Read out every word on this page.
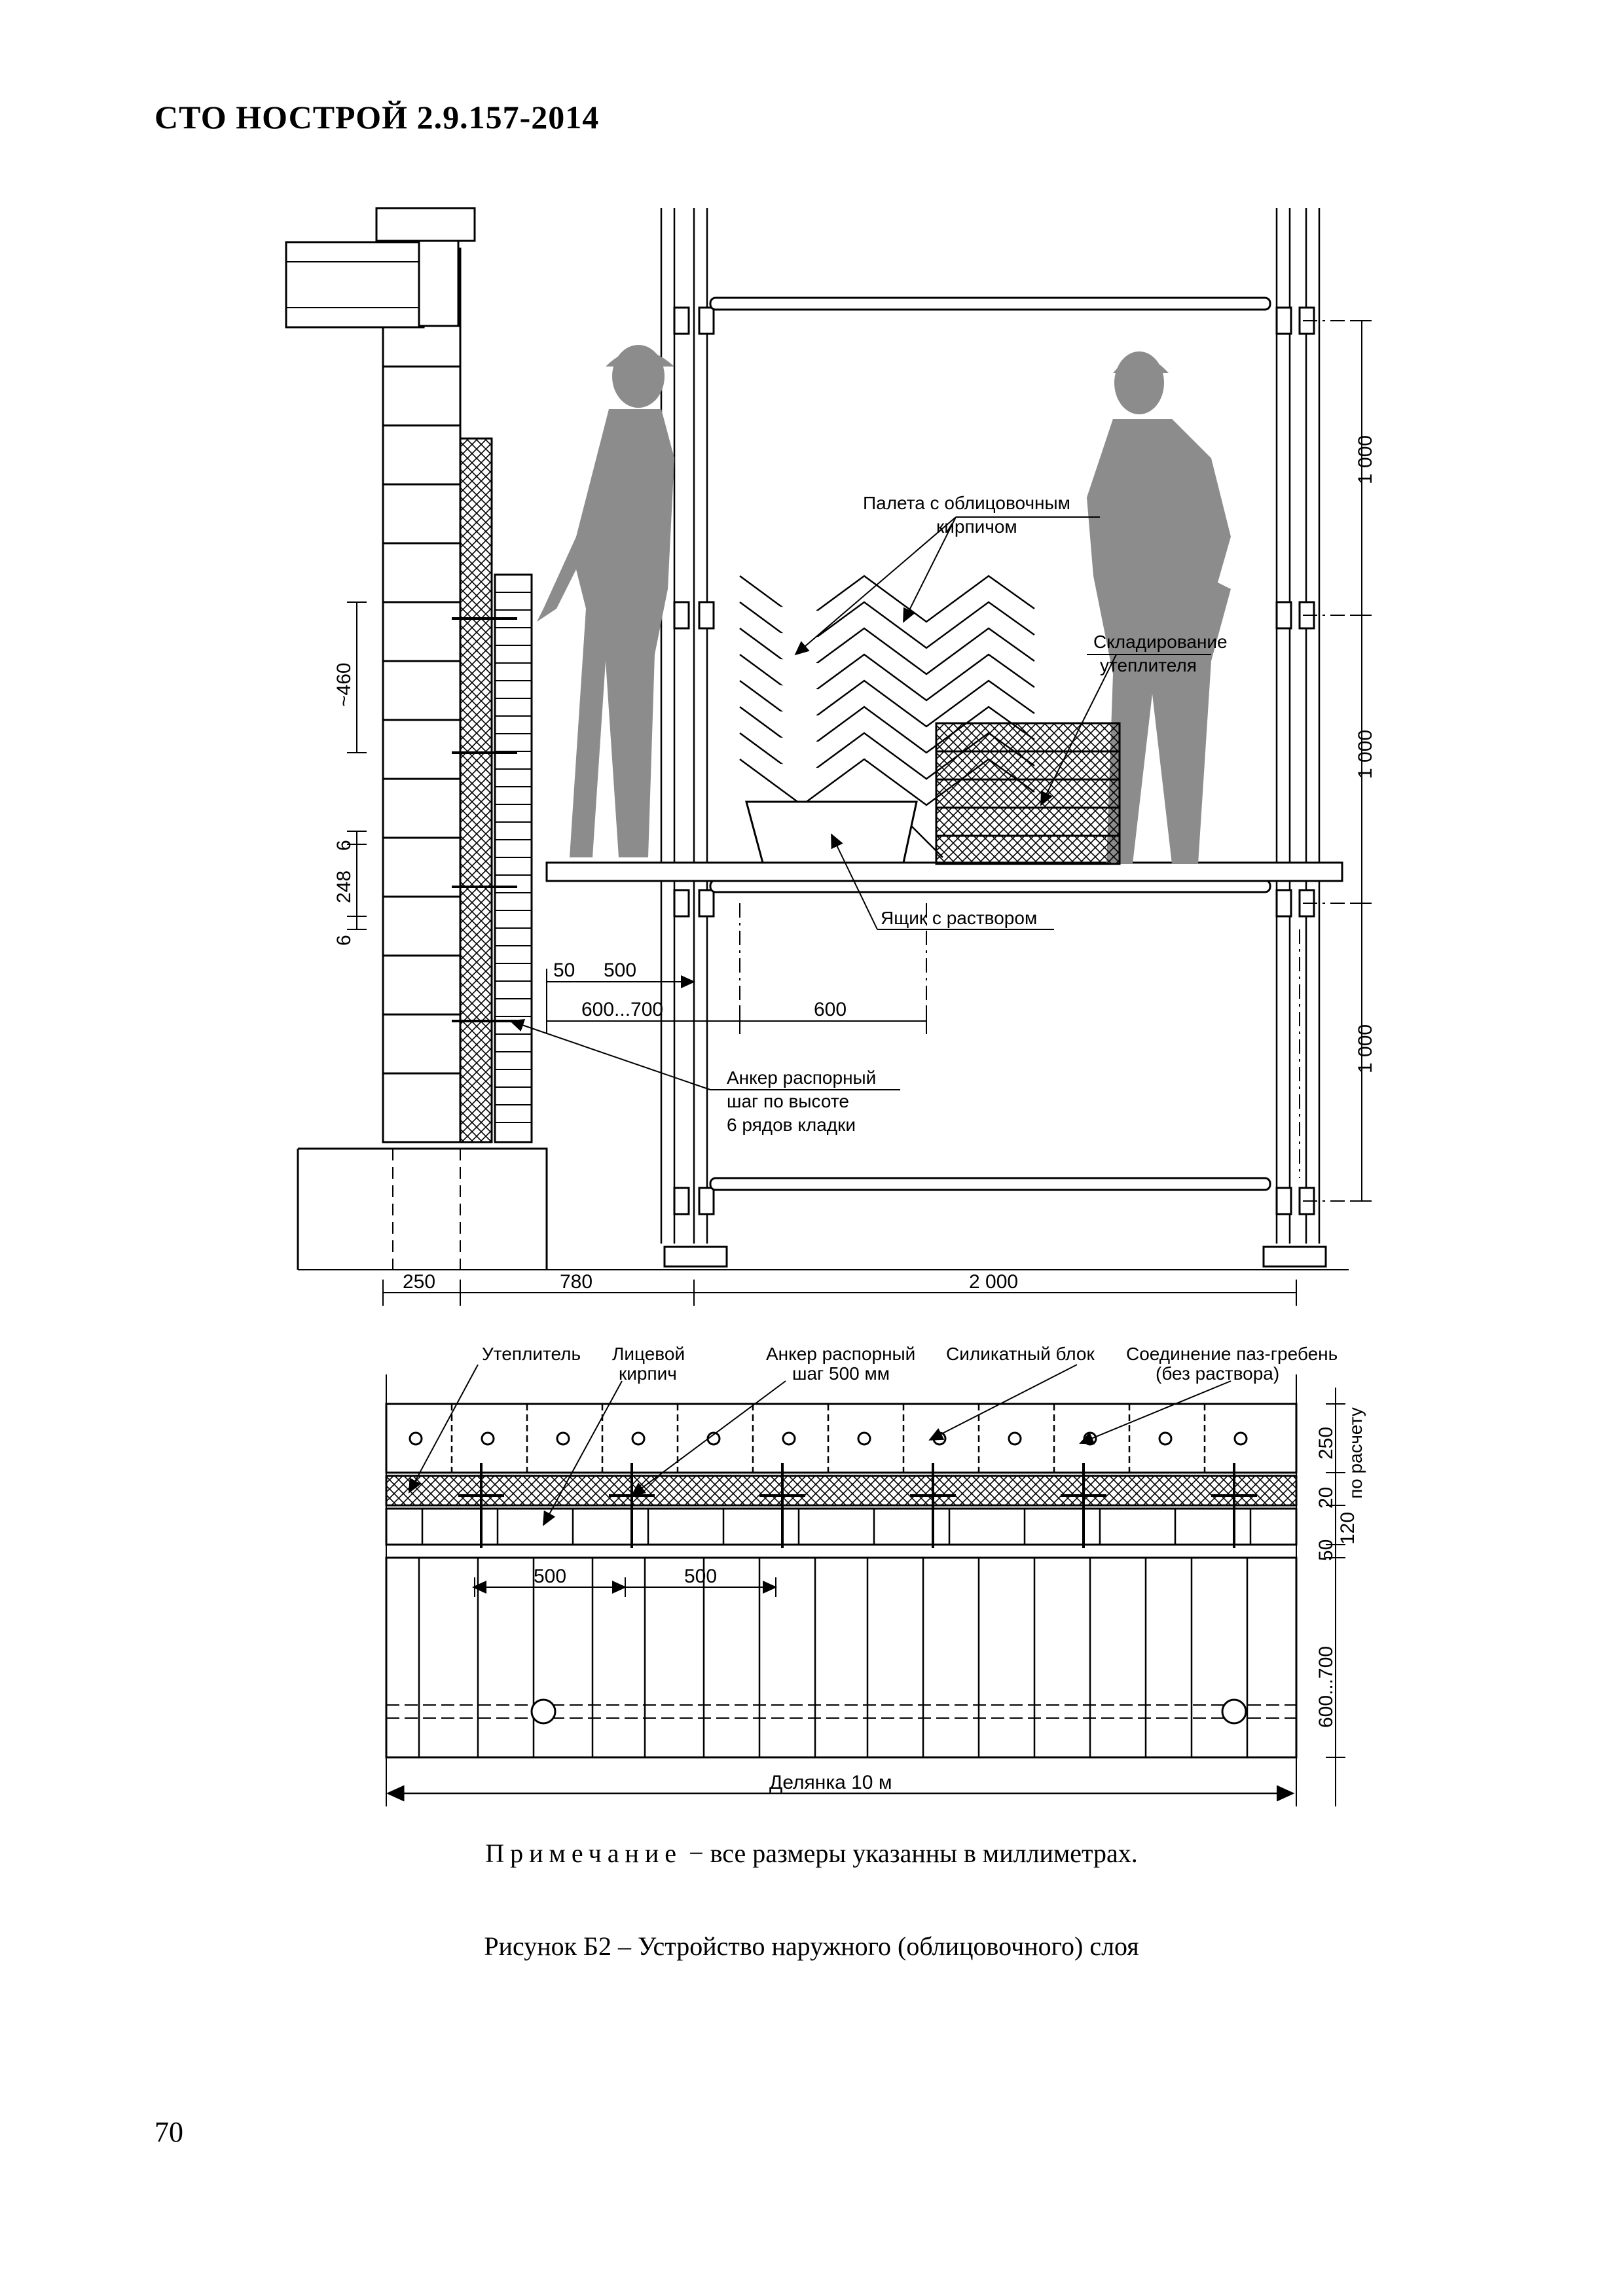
СТО НОСТРОЙ 2.9.157-2014
Палета с облицовочным
кирпичом
Складирование
утеплителя
Ящик с раствором
Анкер распорный
шаг по высоте
6 рядов кладки
~460
6
248
6
50 500
600...700	600
1 000
1 000
1 000
250	780	2 000
Утеплитель Лицевой
кирпич
Анкер распорный
шаг 500 мм
Силикатный блок Соединение паз-гребень
(без раствора)
500	500
250 по расчету
20
120
50
600...700
Делянка 10 м
Примечание − все размеры указанны в миллиметрах.
Рисунок Б2 – Устройство наружного (облицовочного) слоя
70
